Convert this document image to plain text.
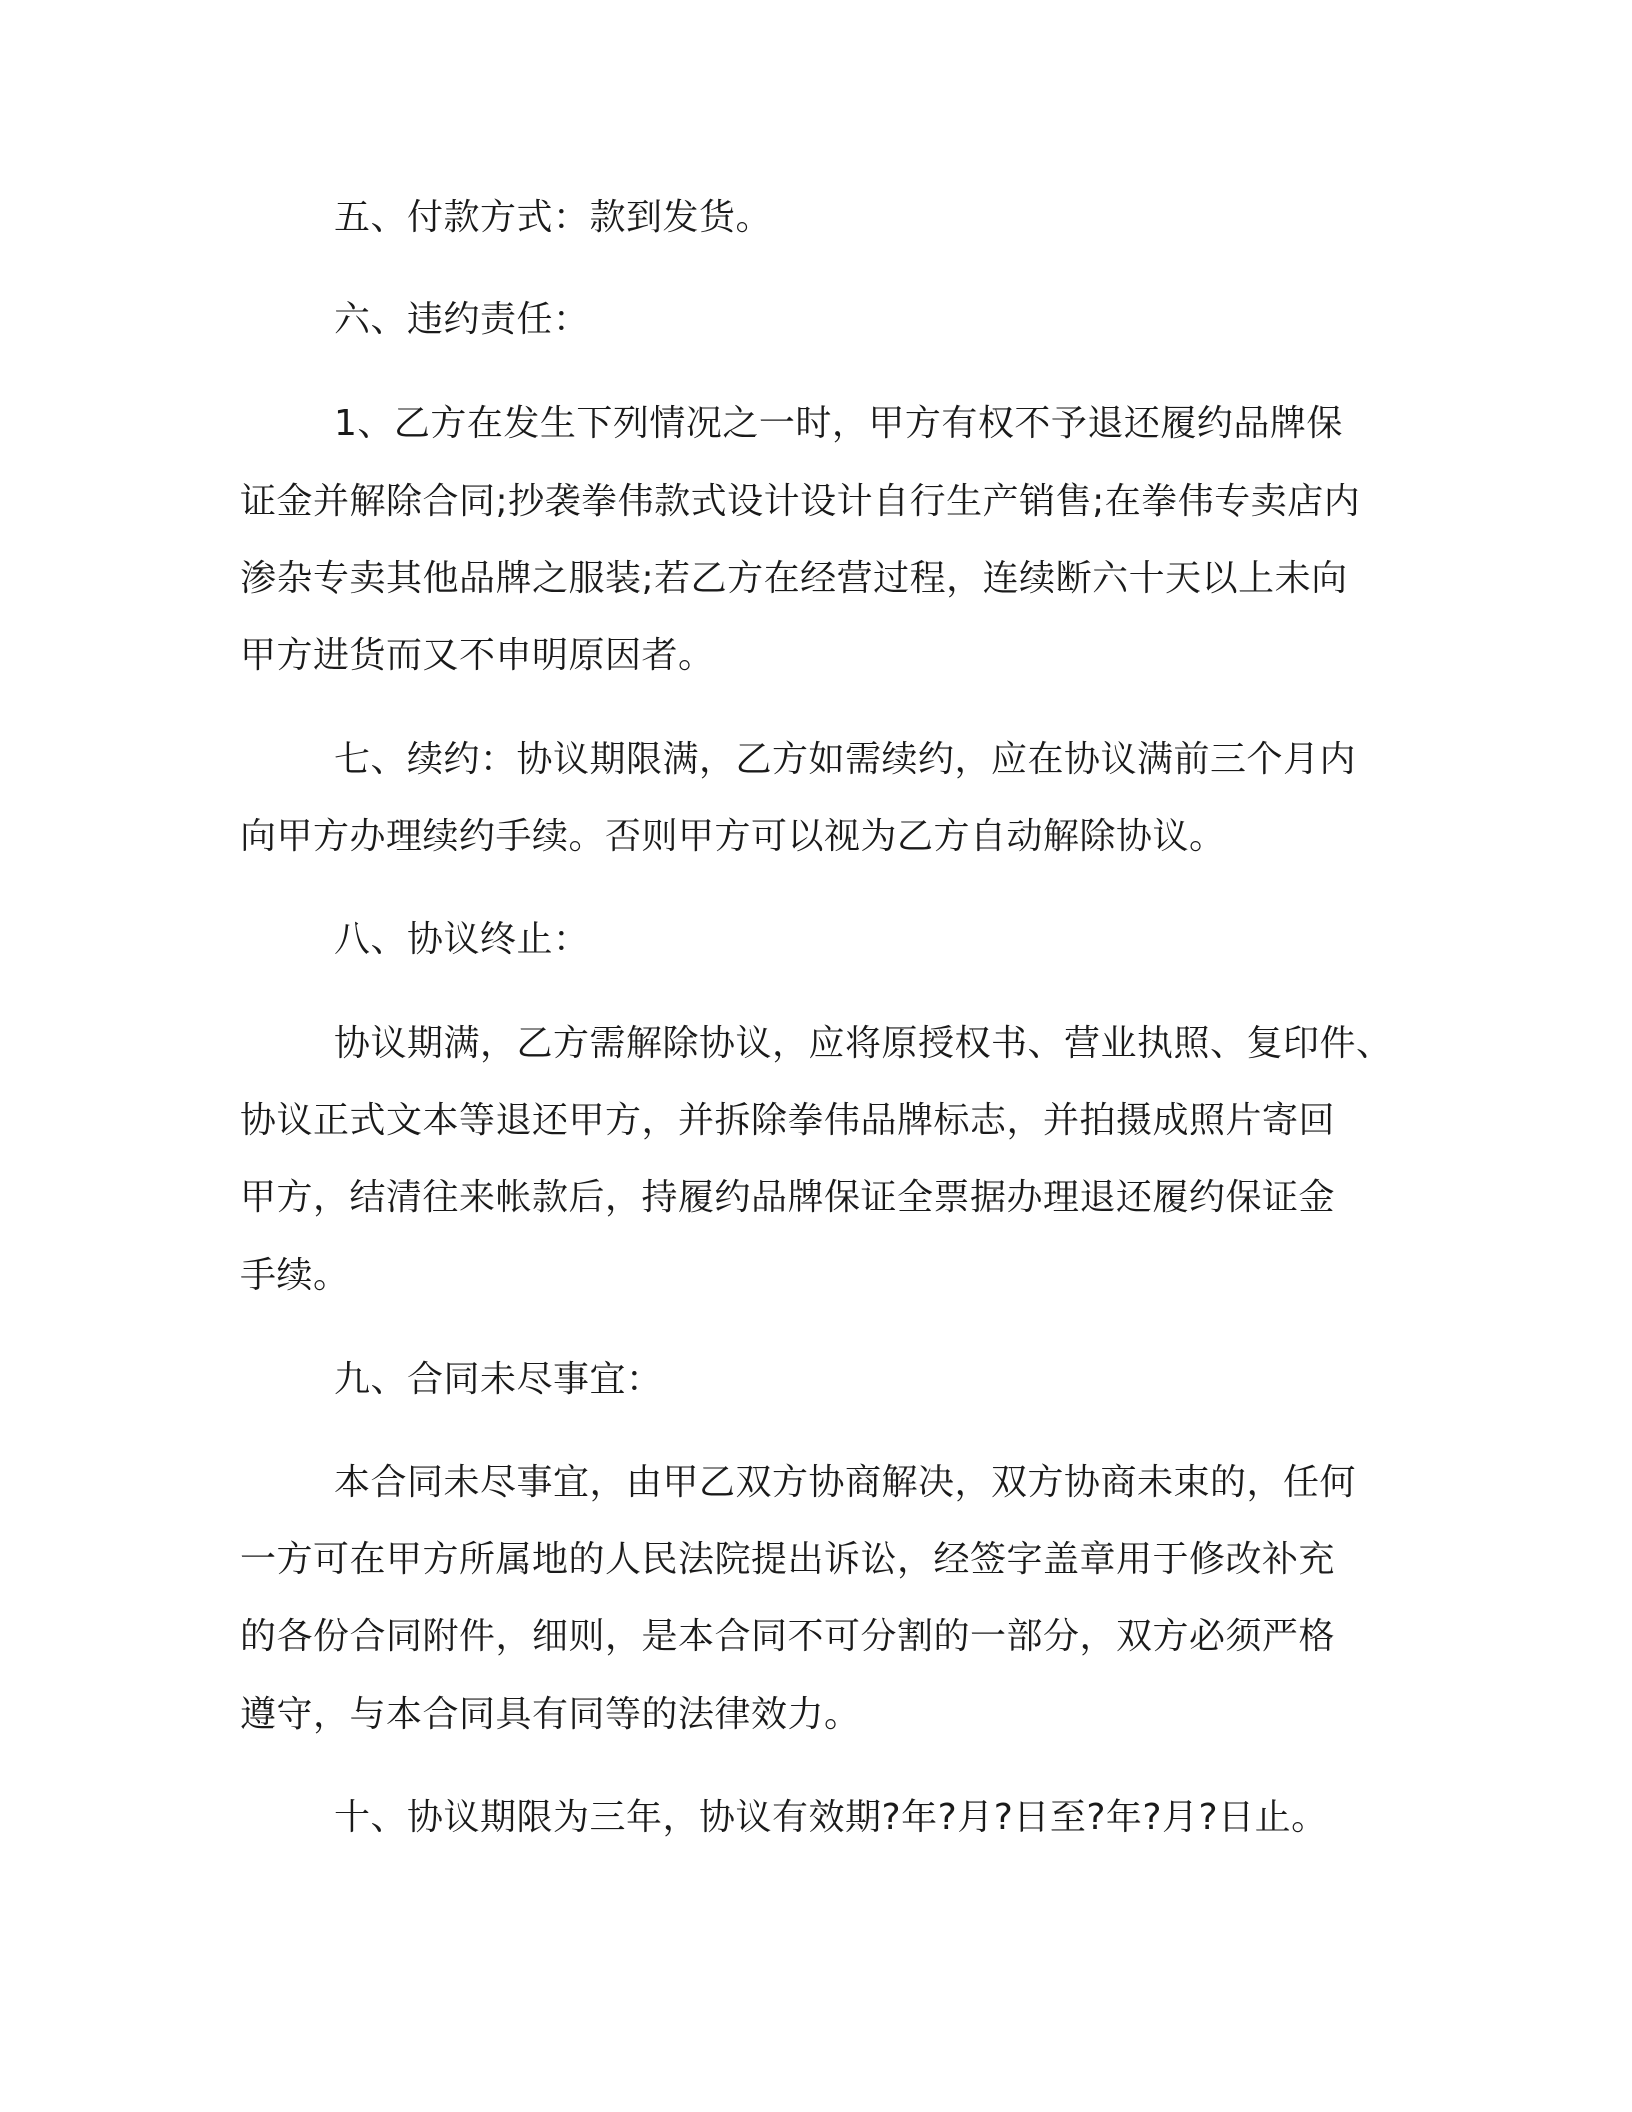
五、付款方式：款到发货。
六、违约责任：
1、乙方在发生下列情况之一时，甲方有权不予退还履约品牌保
证金并解除合同;抄袭拳伟款式设计设计自行生产销售;在拳伟专卖店内
渗杂专卖其他品牌之服装;若乙方在经营过程，连续断六十天以上未向
甲方进货而又不申明原因者。
七、续约：协议期限满，乙方如需续约，应在协议满前三个月内
向甲方办理续约手续。否则甲方可以视为乙方自动解除协议。
八、协议终止：
协议期满，乙方需解除协议，应将原授权书、营业执照、复印件、
协议正式文本等退还甲方，并拆除拳伟品牌标志，并拍摄成照片寄回
甲方，结清往来帐款后，持履约品牌保证全票据办理退还履约保证金
手续。
九、合同未尽事宜：
本合同未尽事宜，由甲乙双方协商解决，双方协商未束的，任何
一方可在甲方所属地的人民法院提出诉讼，经签字盖章用于修改补充
的各份合同附件，细则，是本合同不可分割的一部分，双方必须严格
遵守，与本合同具有同等的法律效力。
十、协议期限为三年，协议有效期?年?月?日至?年?月?日止。
